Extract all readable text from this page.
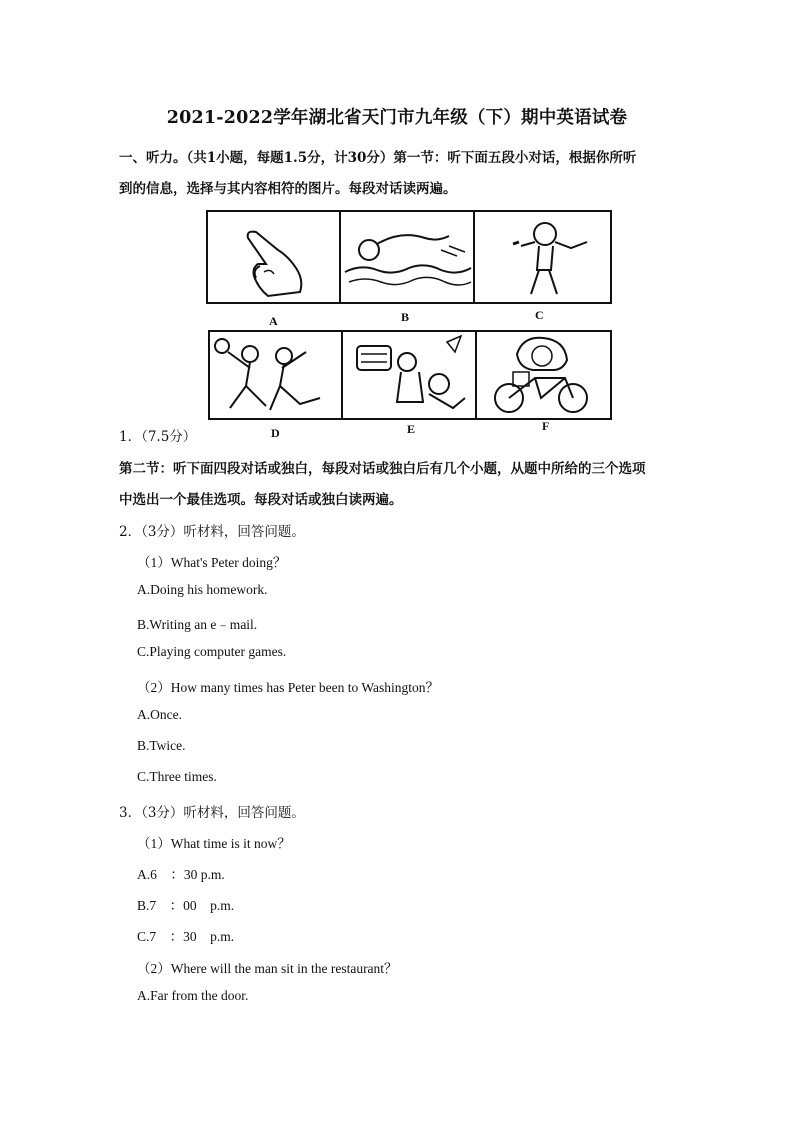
2021-2022学年湖北省天门市九年级（下）期中英语试卷
一、听力。（共1小题，每题1.5分，计30分）第一节：听下面五段小对话，根据你所听
到的信息，选择与其内容相符的图片。每段对话读两遍。
A	B	C
D	E	F
1．（7.5分）
第二节：听下面四段对话或独白，每段对话或独白后有几个小题，从题中所给的三个选项
中选出一个最佳选项。每段对话或独白读两遍。
2．（3分）听材料，回答问题。
（1）What's Peter doing？
A.Doing his homework.
B.Writing an e﹣mail.
C.Playing computer games.
（2）How many times has Peter been to Washington？
A.Once.
B.Twice.
C.Three times.
3．（3分）听材料，回答问题。
（1）What time is it now？
A.6　：30 p.m.
B.7　：00　p.m.
C.7　：30　p.m.
（2）Where will the man sit in the restaurant？
A.Far from the door.
